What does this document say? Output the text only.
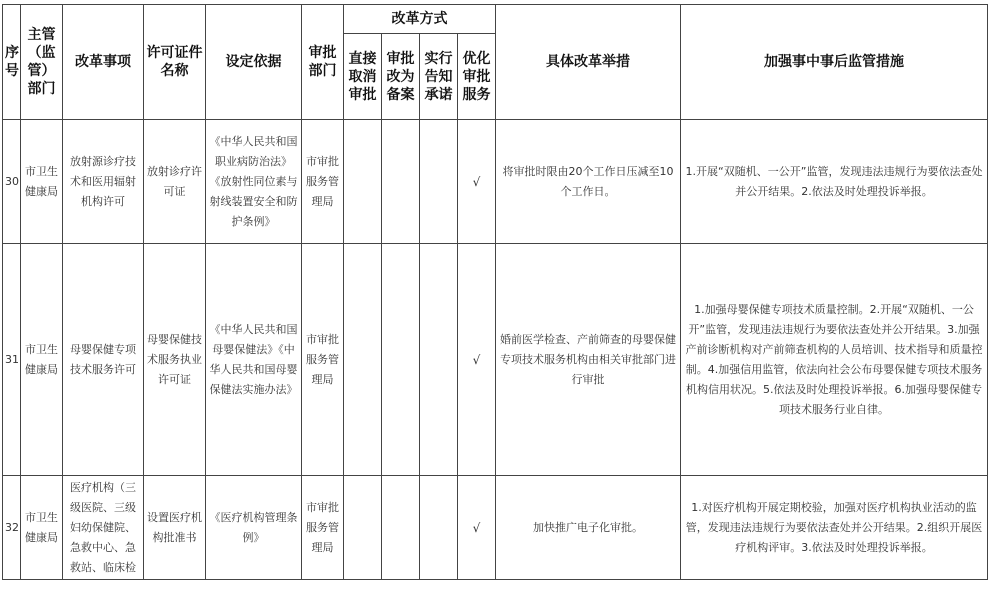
序号	主管（监管）部门	改革事项	许可证件名称	设定依据	审批部门	改革方式				具体改革举措	加强事中事后监管措施
						直接取消审批	审批改为备案	实行告知承诺	优化审批服务		
30	市卫生健康局	放射源诊疗技术和医用辐射机构许可	放射诊疗许可证	《中华人民共和国职业病防治法》《放射性同位素与射线装置安全和防护条例》	市审批服务管理局				√	将审批时限由20个工作日压减至10个工作日。	1.开展“双随机、一公开”监管，发现违法违规行为要依法查处并公开结果。2.依法及时处理投诉举报。
31	市卫生健康局	母婴保健专项技术服务许可	母婴保健技术服务执业许可证	《中华人民共和国母婴保健法》《中华人民共和国母婴保健法实施办法》	市审批服务管理局				√	婚前医学检查、产前筛查的母婴保健专项技术服务机构由相关审批部门进行审批	1.加强母婴保健专项技术质量控制。2.开展“双随机、一公开”监管，发现违法违规行为要依法查处并公开结果。3.加强产前诊断机构对产前筛查机构的人员培训、技术指导和质量控制。4.加强信用监管，依法向社会公布母婴保健专项技术服务机构信用状况。5.依法及时处理投诉举报。6.加强母婴保健专项技术服务行业自律。
32	市卫生健康局	医疗机构（三级医院、三级妇幼保健院、急救中心、急救站、临床检	设置医疗机构批准书	《医疗机构管理条例》	市审批服务管理局				√	加快推广电子化审批。	1.对医疗机构开展定期校验，加强对医疗机构执业活动的监管，发现违法违规行为要依法查处并公开结果。2.组织开展医疗机构评审。3.依法及时处理投诉举报。
